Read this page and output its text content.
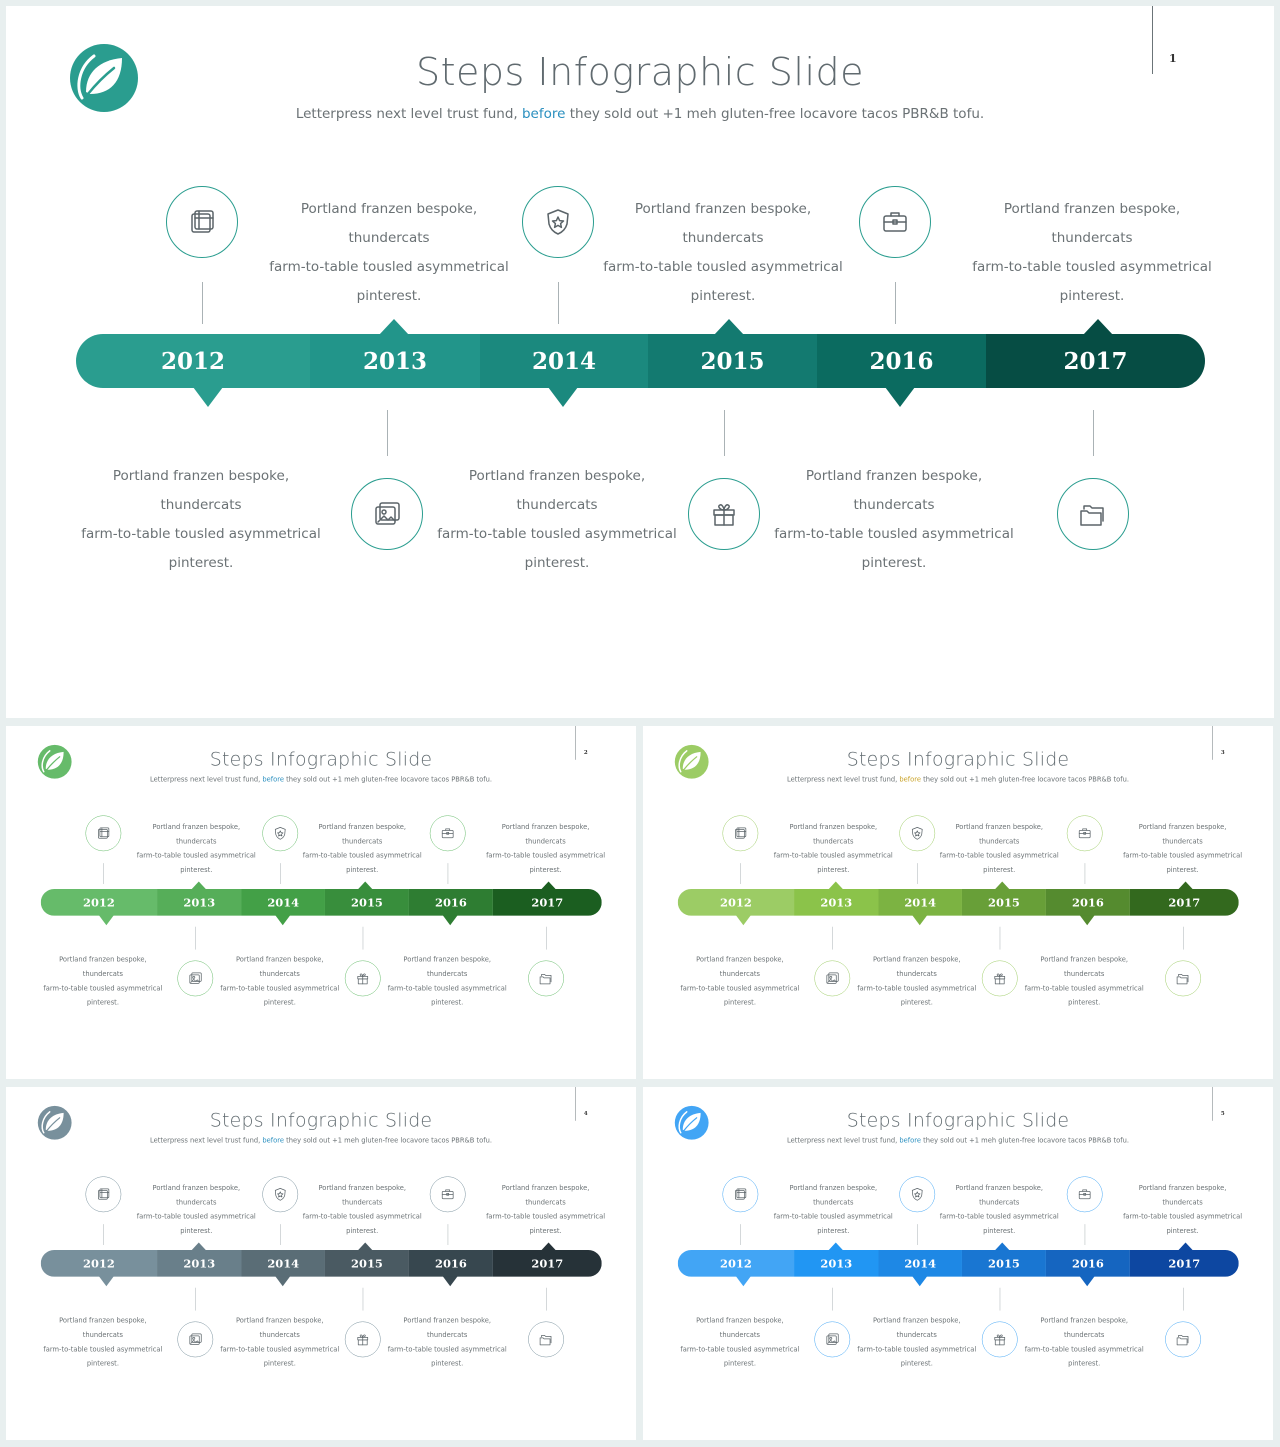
1
Steps Infographic Slide
Letterpress next level trust fund, before they sold out +1 meh gluten-free locavore tacos PBR&B tofu.
2012	2013	2014	2015	2016	2017
Portland franzen bespoke, thundercats
farm-to-table tousled asymmetrical
pinterest.
Portland franzen bespoke, thundercats
farm-to-table tousled asymmetrical
pinterest.
Portland franzen bespoke, thundercats
farm-to-table tousled asymmetrical
pinterest.
Portland franzen bespoke, thundercats
farm-to-table tousled asymmetrical
pinterest.
Portland franzen bespoke, thundercats
farm-to-table tousled asymmetrical
pinterest.
Portland franzen bespoke, thundercats
farm-to-table tousled asymmetrical
pinterest.
2
Steps Infographic Slide
Letterpress next level trust fund, before they sold out +1 meh gluten-free locavore tacos PBR&B tofu.
2012	2013	2014	2015	2016	2017
Portland franzen bespoke, thundercats
farm-to-table tousled asymmetrical
pinterest.
Portland franzen bespoke, thundercats
farm-to-table tousled asymmetrical
pinterest.
Portland franzen bespoke, thundercats
farm-to-table tousled asymmetrical
pinterest.
Portland franzen bespoke, thundercats
farm-to-table tousled asymmetrical
pinterest.
Portland franzen bespoke, thundercats
farm-to-table tousled asymmetrical
pinterest.
Portland franzen bespoke, thundercats
farm-to-table tousled asymmetrical
pinterest.
3
Steps Infographic Slide
Letterpress next level trust fund, before they sold out +1 meh gluten-free locavore tacos PBR&B tofu.
2012	2013	2014	2015	2016	2017
Portland franzen bespoke, thundercats
farm-to-table tousled asymmetrical
pinterest.
Portland franzen bespoke, thundercats
farm-to-table tousled asymmetrical
pinterest.
Portland franzen bespoke, thundercats
farm-to-table tousled asymmetrical
pinterest.
Portland franzen bespoke, thundercats
farm-to-table tousled asymmetrical
pinterest.
Portland franzen bespoke, thundercats
farm-to-table tousled asymmetrical
pinterest.
Portland franzen bespoke, thundercats
farm-to-table tousled asymmetrical
pinterest.
4
Steps Infographic Slide
Letterpress next level trust fund, before they sold out +1 meh gluten-free locavore tacos PBR&B tofu.
2012	2013	2014	2015	2016	2017
Portland franzen bespoke, thundercats
farm-to-table tousled asymmetrical
pinterest.
Portland franzen bespoke, thundercats
farm-to-table tousled asymmetrical
pinterest.
Portland franzen bespoke, thundercats
farm-to-table tousled asymmetrical
pinterest.
Portland franzen bespoke, thundercats
farm-to-table tousled asymmetrical
pinterest.
Portland franzen bespoke, thundercats
farm-to-table tousled asymmetrical
pinterest.
Portland franzen bespoke, thundercats
farm-to-table tousled asymmetrical
pinterest.
5
Steps Infographic Slide
Letterpress next level trust fund, before they sold out +1 meh gluten-free locavore tacos PBR&B tofu.
2012	2013	2014	2015	2016	2017
Portland franzen bespoke, thundercats
farm-to-table tousled asymmetrical
pinterest.
Portland franzen bespoke, thundercats
farm-to-table tousled asymmetrical
pinterest.
Portland franzen bespoke, thundercats
farm-to-table tousled asymmetrical
pinterest.
Portland franzen bespoke, thundercats
farm-to-table tousled asymmetrical
pinterest.
Portland franzen bespoke, thundercats
farm-to-table tousled asymmetrical
pinterest.
Portland franzen bespoke, thundercats
farm-to-table tousled asymmetrical
pinterest.
